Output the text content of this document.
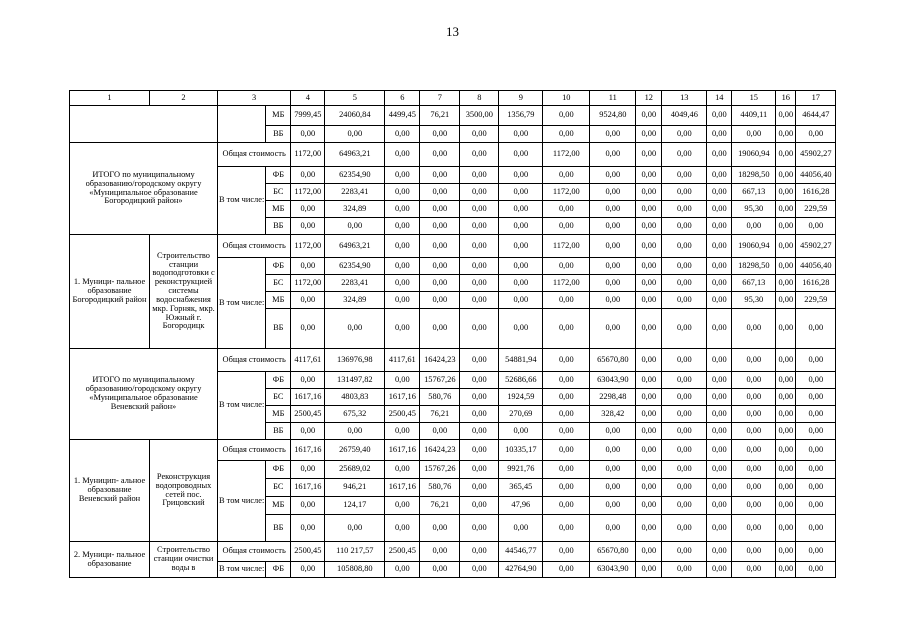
13
1	2	3		4	5	6	7	8	9	10	11	12	13	14	15	16	17
			МБ	7999,45	24060,84	4499,45	76,21	3500,00	1356,79	0,00	9524,80	0,00	4049,46	0,00	4409,11	0,00	4644,47
			ВБ	0,00	0,00	0,00	0,00	0,00	0,00	0,00	0,00	0,00	0,00	0,00	0,00	0,00	0,00
ИТОГО по муниципальному образованию/городскому округу «Муниципальное образование Богородицкий район»		Общая стоимость		1172,00	64963,21	0,00	0,00	0,00	0,00	1172,00	0,00	0,00	0,00	0,00	19060,94	0,00	45902,27
		В том числе:	ФБ	0,00	62354,90	0,00	0,00	0,00	0,00	0,00	0,00	0,00	0,00	0,00	18298,50	0,00	44056,40
			БС	1172,00	2283,41	0,00	0,00	0,00	0,00	1172,00	0,00	0,00	0,00	0,00	667,13	0,00	1616,28
			МБ	0,00	324,89	0,00	0,00	0,00	0,00	0,00	0,00	0,00	0,00	0,00	95,30	0,00	229,59
			ВБ	0,00	0,00	0,00	0,00	0,00	0,00	0,00	0,00	0,00	0,00	0,00	0,00	0,00	0,00
1. Муници- пальное образование Богородицкий район	Строительство станции водоподготовки с реконструкцией системы водоснабжения мкр. Горняк, мкр. Южный г. Богородицк	Общая стоимость		1172,00	64963,21	0,00	0,00	0,00	0,00	1172,00	0,00	0,00	0,00	0,00	19060,94	0,00	45902,27
		В том числе:	ФБ	0,00	62354,90	0,00	0,00	0,00	0,00	0,00	0,00	0,00	0,00	0,00	18298,50	0,00	44056,40
			БС	1172,00	2283,41	0,00	0,00	0,00	0,00	1172,00	0,00	0,00	0,00	0,00	667,13	0,00	1616,28
			МБ	0,00	324,89	0,00	0,00	0,00	0,00	0,00	0,00	0,00	0,00	0,00	95,30	0,00	229,59
			ВБ	0,00	0,00	0,00	0,00	0,00	0,00	0,00	0,00	0,00	0,00	0,00	0,00	0,00	0,00
ИТОГО по муниципальному образованию/городскому округу «Муниципальное образование Веневский район»		Общая стоимость		4117,61	136976,98	4117,61	16424,23	0,00	54881,94	0,00	65670,80	0,00	0,00	0,00	0,00	0,00	0,00
		В том числе:	ФБ	0,00	131497,82	0,00	15767,26	0,00	52686,66	0,00	63043,90	0,00	0,00	0,00	0,00	0,00	0,00
			БС	1617,16	4803,83	1617,16	580,76	0,00	1924,59	0,00	2298,48	0,00	0,00	0,00	0,00	0,00	0,00
			МБ	2500,45	675,32	2500,45	76,21	0,00	270,69	0,00	328,42	0,00	0,00	0,00	0,00	0,00	0,00
			ВБ	0,00	0,00	0,00	0,00	0,00	0,00	0,00	0,00	0,00	0,00	0,00	0,00	0,00	0,00
1. Муницип- альное образование Веневский район	Реконструкция водопроводных сетей пос. Грицовский	Общая стоимость		1617,16	26759,40	1617,16	16424,23	0,00	10335,17	0,00	0,00	0,00	0,00	0,00	0,00	0,00	0,00
		В том числе:	ФБ	0,00	25689,02	0,00	15767,26	0,00	9921,76	0,00	0,00	0,00	0,00	0,00	0,00	0,00	0,00
			БС	1617,16	946,21	1617,16	580,76	0,00	365,45	0,00	0,00	0,00	0,00	0,00	0,00	0,00	0,00
			МБ	0,00	124,17	0,00	76,21	0,00	47,96	0,00	0,00	0,00	0,00	0,00	0,00	0,00	0,00
			ВБ	0,00	0,00	0,00	0,00	0,00	0,00	0,00	0,00	0,00	0,00	0,00	0,00	0,00	0,00
2. Муници- пальное образование	Строительство станции очистки воды в	Общая стоимость		2500,45	110 217,57	2500,45	0,00	0,00	44546,77	0,00	65670,80	0,00	0,00	0,00	0,00	0,00	0,00
		В том числе:	ФБ	0,00	105808,80	0,00	0,00	0,00	42764,90	0,00	63043,90	0,00	0,00	0,00	0,00	0,00	0,00
